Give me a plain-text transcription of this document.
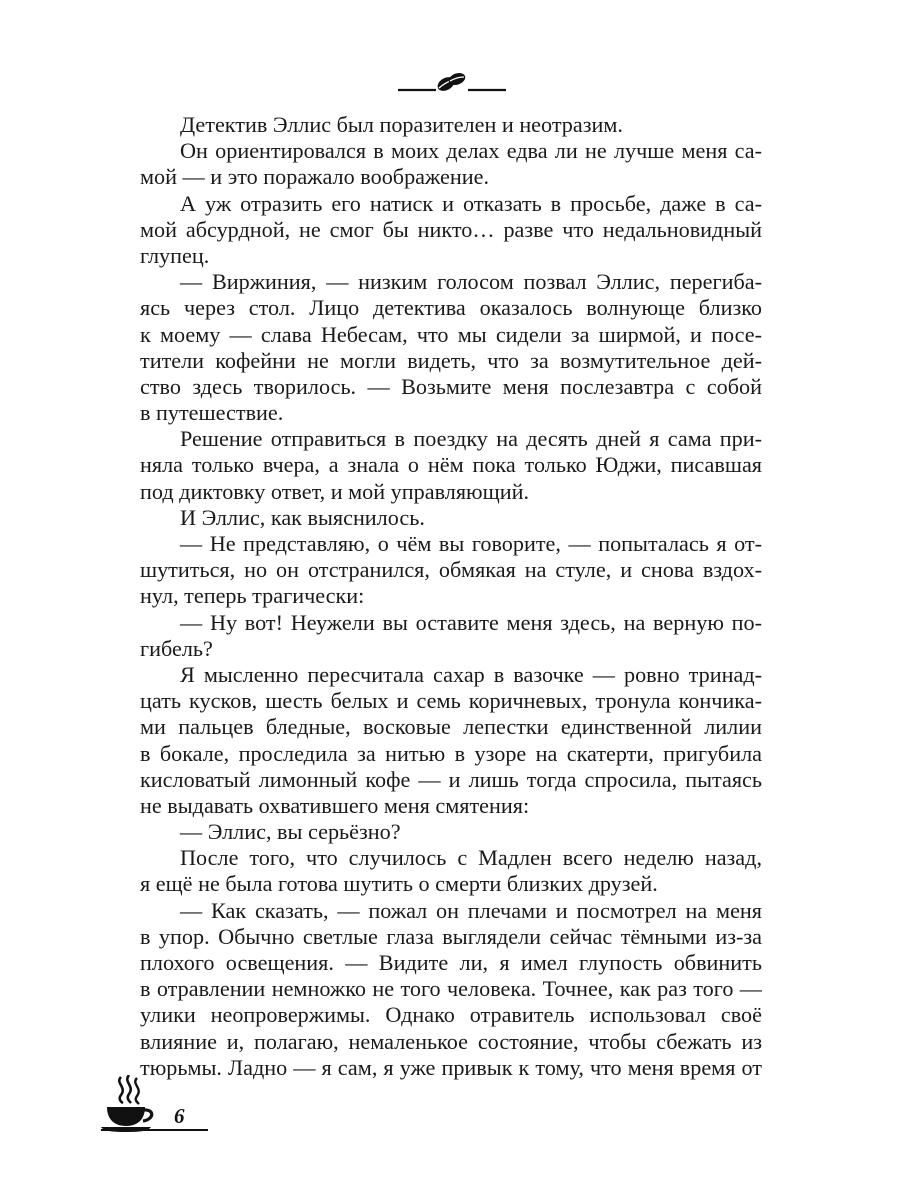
Детектив Эллис был поразителен и неотразим.
Он ориентировался в моих делах едва ли не лучше меня са-
мой — и это поражало воображение.
А уж отразить его натиск и отказать в просьбе, даже в са-
мой абсурдной, не смог бы никто… разве что недальновидный
глупец.
— Виржиния, — низким голосом позвал Эллис, перегиба-
ясь через стол. Лицо детектива оказалось волнующе близко
к моему — слава Небесам, что мы сидели за ширмой, и посе-
тители кофейни не могли видеть, что за возмутительное дей-
ство здесь творилось. — Возьмите меня послезавтра с собой
в путешествие.
Решение отправиться в поездку на десять дней я сама при-
няла только вчера, а знала о нём пока только Юджи, писавшая
под диктовку ответ, и мой управляющий.
И Эллис, как выяснилось.
— Не представляю, о чём вы говорите, — попыталась я от-
шутиться, но он отстранился, обмякая на стуле, и снова вздох-
нул, теперь трагически:
— Ну вот! Неужели вы оставите меня здесь, на верную по-
гибель?
Я мысленно пересчитала сахар в вазочке — ровно тринад-
цать кусков, шесть белых и семь коричневых, тронула кончика-
ми пальцев бледные, восковые лепестки единственной лилии
в бокале, проследила за нитью в узоре на скатерти, пригубила
кисловатый лимонный кофе — и лишь тогда спросила, пытаясь
не выдавать охватившего меня смятения:
— Эллис, вы серьёзно?
После того, что случилось с Мадлен всего неделю назад,
я ещё не была готова шутить о смерти близких друзей.
— Как сказать, — пожал он плечами и посмотрел на меня
в упор. Обычно светлые глаза выглядели сейчас тёмными из-за
плохого освещения. — Видите ли, я имел глупость обвинить
в отравлении немножко не того человека. Точнее, как раз того —
улики неопровержимы. Однако отравитель использовал своё
влияние и, полагаю, немаленькое состояние, чтобы сбежать из
тюрьмы. Ладно — я сам, я уже привык к тому, что меня время от
6
